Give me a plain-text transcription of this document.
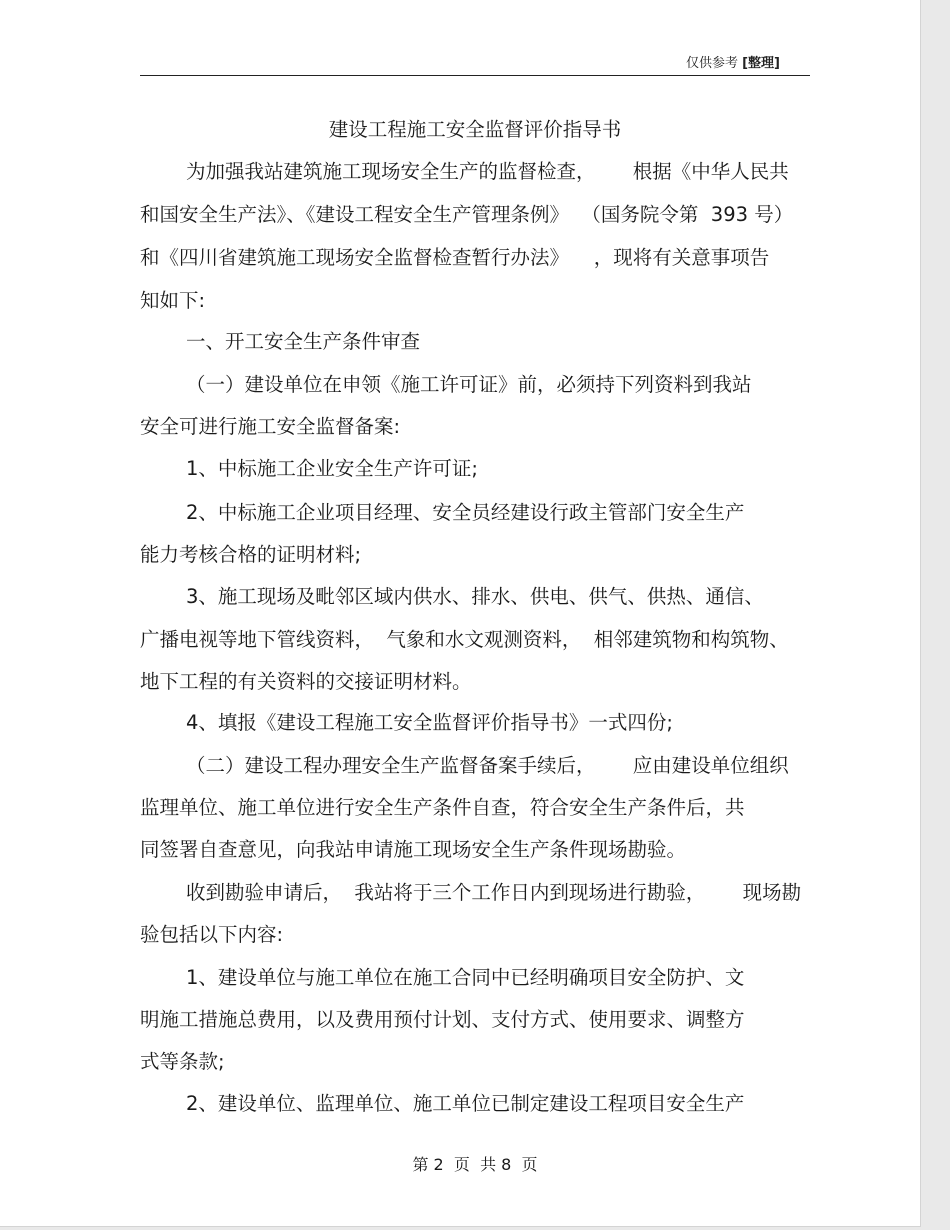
仅供参考 [整理]
建设工程施工安全监督评价指导书
为加强我站建筑施工现场安全生产的监督检查，      根据《中华人民共
和国安全生产法》、《建设工程安全生产管理条例》  （国务院令第  393 号）
和《四川省建筑施工现场安全监督检查暂行办法》    ，现将有关意事项告
知如下:
一、开工安全生产条件审查
（一）建设单位在申领《施工许可证》前，必须持下列资料到我站
安全可进行施工安全监督备案:
1、中标施工企业安全生产许可证;
2、中标施工企业项目经理、安全员经建设行政主管部门安全生产
能力考核合格的证明材料;
3、施工现场及毗邻区域内供水、排水、供电、供气、供热、通信、
广播电视等地下管线资料，  气象和水文观测资料，  相邻建筑物和构筑物、
地下工程的有关资料的交接证明材料。
4、填报《建设工程施工安全监督评价指导书》一式四份;
（二）建设工程办理安全生产监督备案手续后，      应由建设单位组织
监理单位、施工单位进行安全生产条件自查，符合安全生产条件后，共
同签署自查意见，向我站申请施工现场安全生产条件现场勘验。
收到勘验申请后，  我站将于三个工作日内到现场进行勘验，      现场勘
验包括以下内容:
1、建设单位与施工单位在施工合同中已经明确项目安全防护、文
明施工措施总费用，以及费用预付计划、支付方式、使用要求、调整方
式等条款;
2、建设单位、监理单位、施工单位已制定建设工程项目安全生产
第 2  页  共 8  页
